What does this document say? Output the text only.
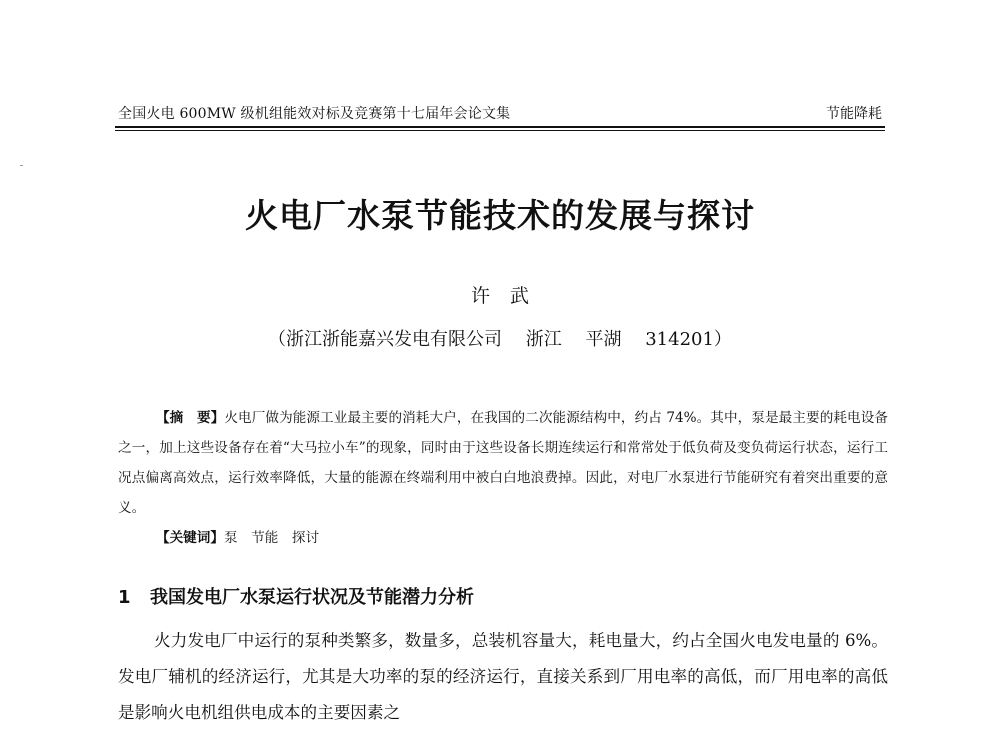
全国火电 600MW 级机组能效对标及竞赛第十七届年会论文集	节能降耗
火电厂水泵节能技术的发展与探讨
许 武
（浙江浙能嘉兴发电有限公司　 浙江　 平湖　 314201）

【摘　要】火电厂做为能源工业最主要的消耗大户，在我国的二次能源结构中，约占 74%。其中，泵是最主要的耗电设备之一，加上这些设备存在着“大马拉小车”的现象，同时由于这些设备长期连续运行和常常处于低负荷及变负荷运行状态，运行工况点偏离高效点，运行效率降低，大量的能源在终端利用中被白白地浪费掉。因此，对电厂水泵进行节能研究有着突出重要的意义。

【关键词】泵　节能　探讨

1 我国发电厂水泵运行状况及节能潜力分析

火力发电厂中运行的泵种类繁多，数量多，总装机容量大，耗电量大，约占全国火电发电量的 6%。发电厂辅机的经济运行，尤其是大功率的泵的经济运行，直接关系到厂用电率的高低，而厂用电率的高低是影响火电机组供电成本的主要因素之
